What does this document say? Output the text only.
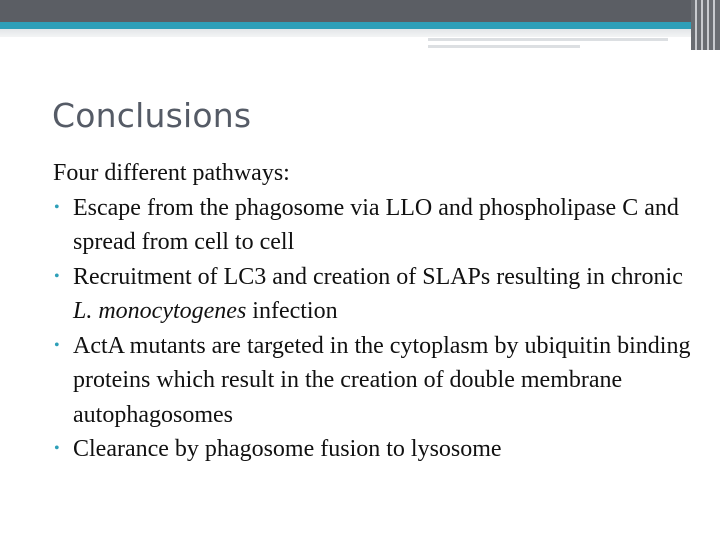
Conclusions

Four different pathways:

• Escape from the phagosome via LLO and phospholipase C and spread from cell to cell
• Recruitment of LC3 and creation of SLAPs resulting in chronic L. monocytogenes infection
• ActA mutants are targeted in the cytoplasm by ubiquitin binding proteins which result in the creation of double membrane autophagosomes
• Clearance by phagosome fusion to lysosome
